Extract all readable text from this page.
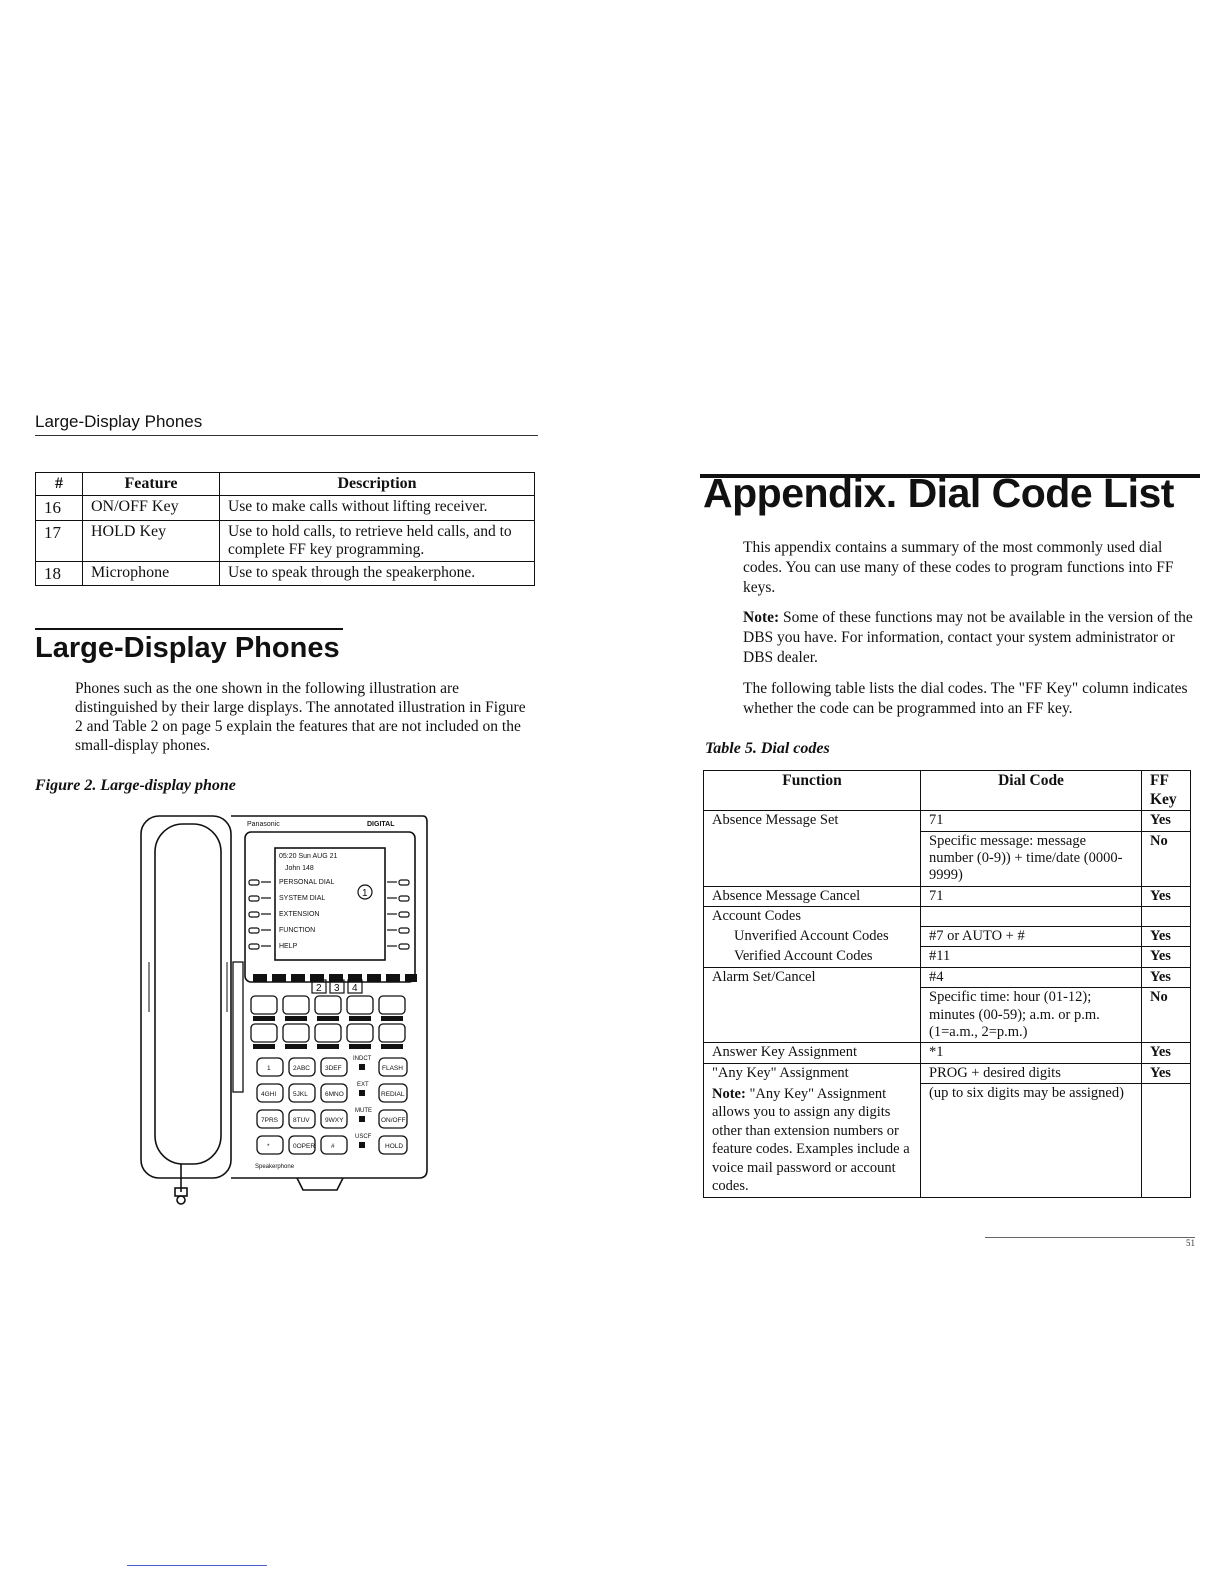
Large-Display Phones
#	Feature	Description
16	ON/OFF Key	Use to make calls without lifting receiver.
17	HOLD Key	Use to hold calls, to retrieve held calls, and to complete FF key programming.
18	Microphone	Use to speak through the speakerphone.
Large-Display Phones
Phones such as the one shown in the following illustration are distinguished by their large displays. The annotated illustration in Figure 2 and Table 2 on page 5 explain the features that are not included on the small-display phones.
Figure 2. Large-display phone
Panasonic	DIGITAL
05:20 Sun AUG 21
John 148
PERSONAL DIAL
SYSTEM DIAL
EXTENSION
FUNCTION
HELP
1
2 3 4
1	2ABC 3DEF	FLASH
4GHI	5JKL	6MNO	REDIAL
7PRS 8TUV 9WXY	ON/OFF
*	0OPER #	HOLD
INDCT
EXT
MUTE
USCF
Speakerphone
Appendix. Dial Code List
This appendix contains a summary of the most commonly used dial codes. You can use many of these codes to program functions into FF keys.
Note: Some of these functions may not be available in the version of the DBS you have. For information, contact your system administrator or DBS dealer.
The following table lists the dial codes. The "FF Key" column indicates whether the code can be programmed into an FF key.
Table 5. Dial codes
Function	Dial Code	FF Key
Absence Message Set	71	Yes
	Specific message: message number (0-9)) + time/date (0000-9999)	No
Absence Message Cancel	71	Yes
Account Codes		
Unverified Account Codes	#7 or AUTO + #	Yes
Verified Account Codes	#11	Yes
Alarm Set/Cancel	#4	Yes
	Specific time: hour (01-12); minutes (00-59); a.m. or p.m. (1=a.m., 2=p.m.)	No
Answer Key Assignment	*1	Yes
"Any Key" Assignment	PROG + desired digits	Yes
Note: "Any Key" Assignment allows you to assign any digits other than extension numbers or feature codes. Examples include a voice mail password or account codes.	(up to six digits may be assigned)	
51
